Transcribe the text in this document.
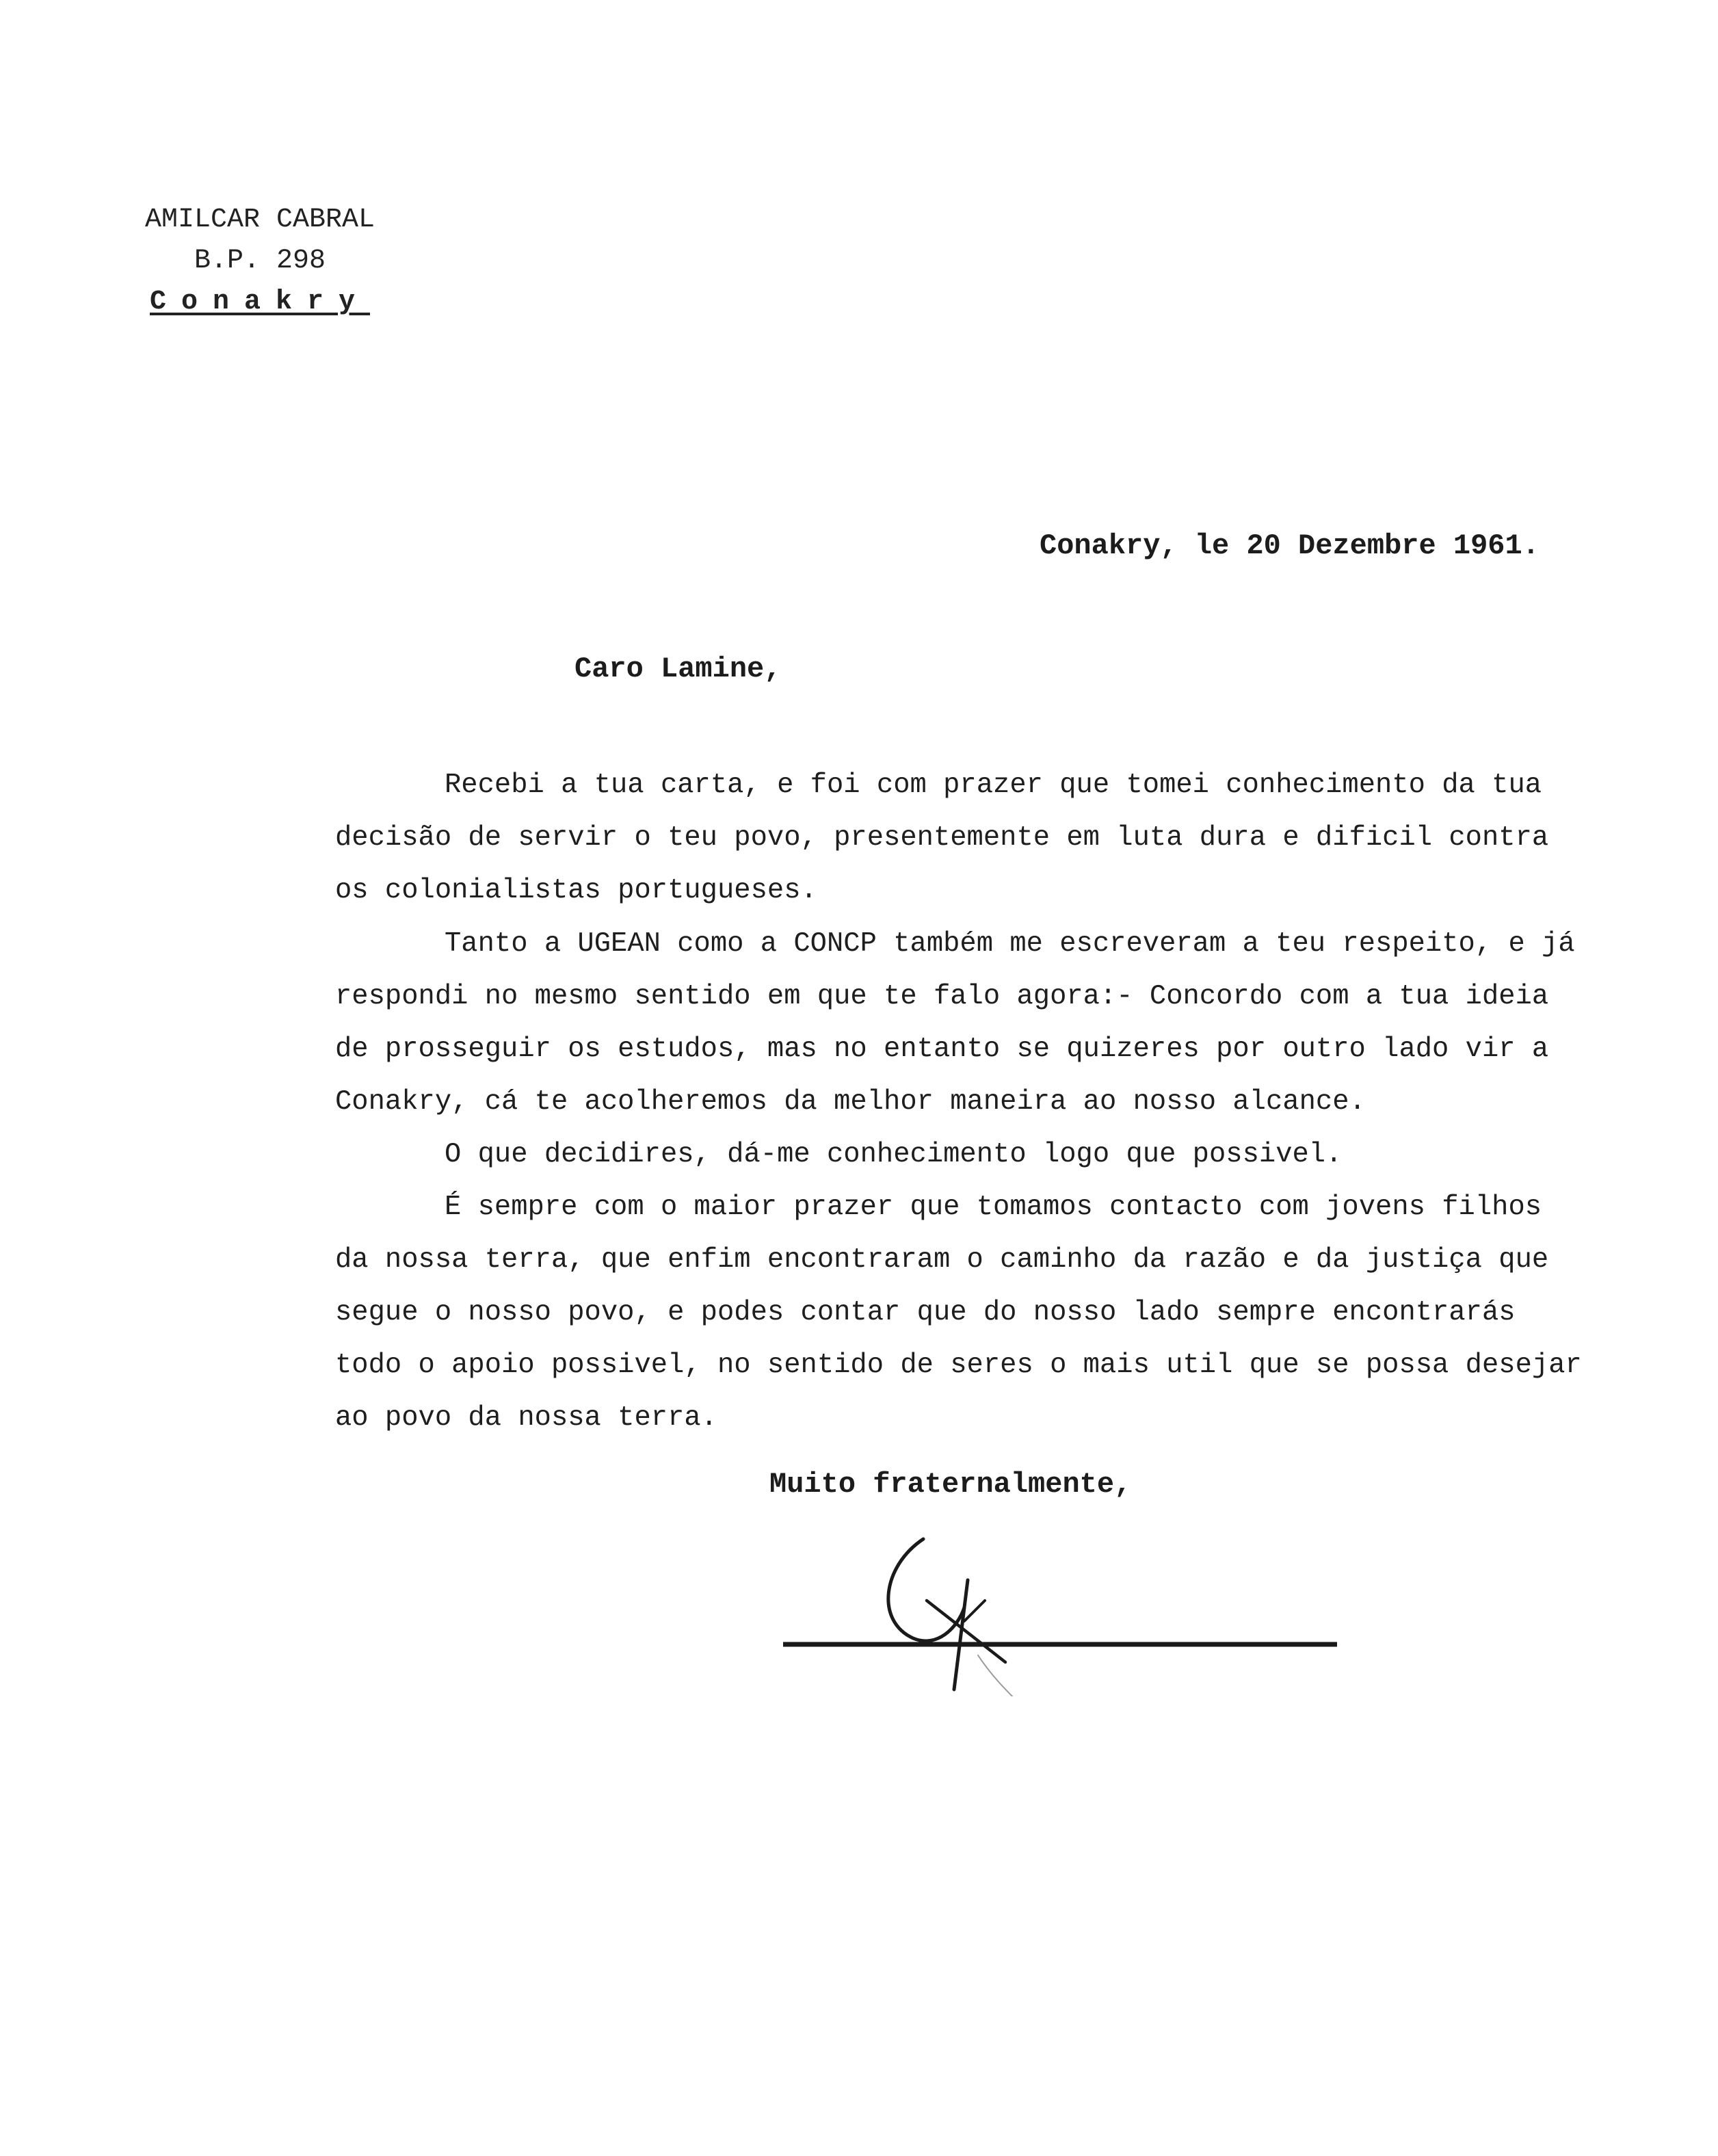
AMILCAR CABRAL
B.P. 298
Conakry
Conakry, le 20 Dezembre 1961.
Caro Lamine,
Recebi a tua carta, e foi com prazer que tomei conhecimento da tua
decisão de servir o teu povo, presentemente em luta dura e dificil contra
os colonialistas portugueses.
Tanto a UGEAN como a CONCP também me escreveram a teu respeito, e já
respondi no mesmo sentido em que te falo agora:- Concordo com a tua ideia
de prosseguir os estudos, mas no entanto se quizeres por outro lado vir a
Conakry, cá te acolheremos da melhor maneira ao nosso alcance.
O que decidires, dá-me conhecimento logo que possivel.
É sempre com o maior prazer que tomamos contacto com jovens filhos
da nossa terra, que enfim encontraram o caminho da razão e da justiça que
segue o nosso povo, e podes contar que do nosso lado sempre encontrarás
todo o apoio possivel, no sentido de seres o mais util que se possa desejar
ao povo da nossa terra.
Muito fraternalmente,
